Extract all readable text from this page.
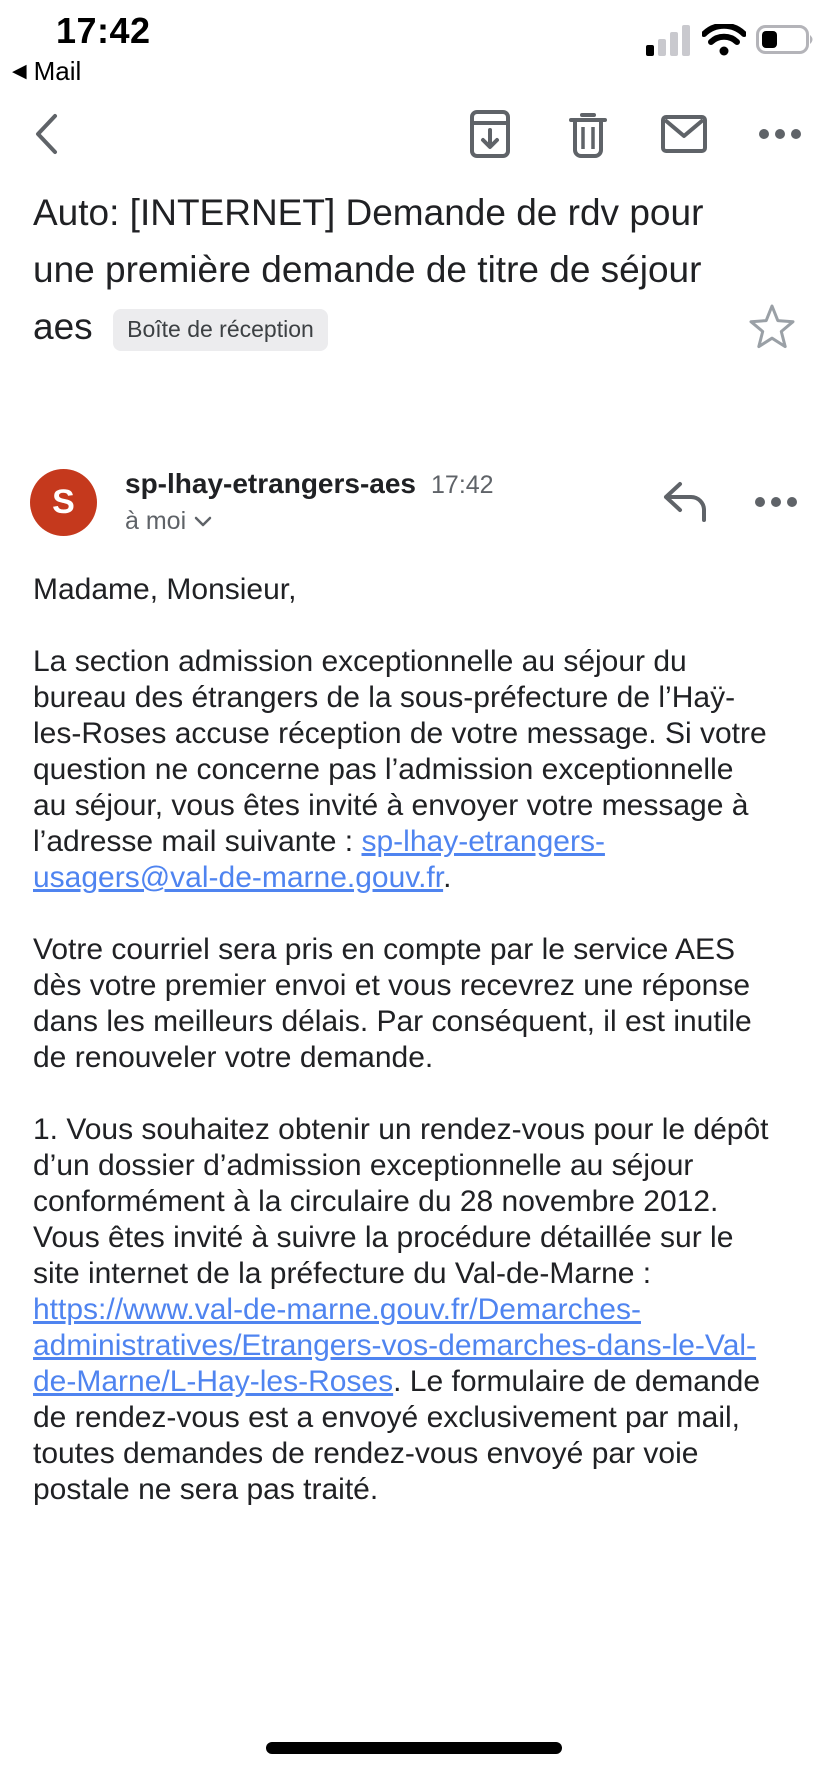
17:42
◀ Mail
Auto: [INTERNET] Demande de rdv pour une première demande de titre de séjour aes Boîte de réception
S sp-lhay-etrangers-aes 17:42
à moi

Madame, Monsieur,

La section admission exceptionnelle au séjour du bureau des étrangers de la sous-préfecture de l’Haÿ-les-Roses accuse réception de votre message. Si votre question ne concerne pas l’admission exceptionnelle au séjour, vous êtes invité à envoyer votre message à l’adresse mail suivante : sp-lhay-etrangers-usagers@val-de-marne.gouv.fr.

Votre courriel sera pris en compte par le service AES dès votre premier envoi et vous recevrez une réponse dans les meilleurs délais. Par conséquent, il est inutile de renouveler votre demande.

1. Vous souhaitez obtenir un rendez-vous pour le dépôt d’un dossier d’admission exceptionnelle au séjour conformément à la circulaire du 28 novembre 2012.
Vous êtes invité à suivre la procédure détaillée sur le site internet de la préfecture du Val-de-Marne : https://www.val-de-marne.gouv.fr/Demarches-administratives/Etrangers-vos-demarches-dans-le-Val-de-Marne/L-Hay-les-Roses. Le formulaire de demande de rendez-vous est a envoyé exclusivement par mail, toutes demandes de rendez-vous envoyé par voie postale ne sera pas traité.
